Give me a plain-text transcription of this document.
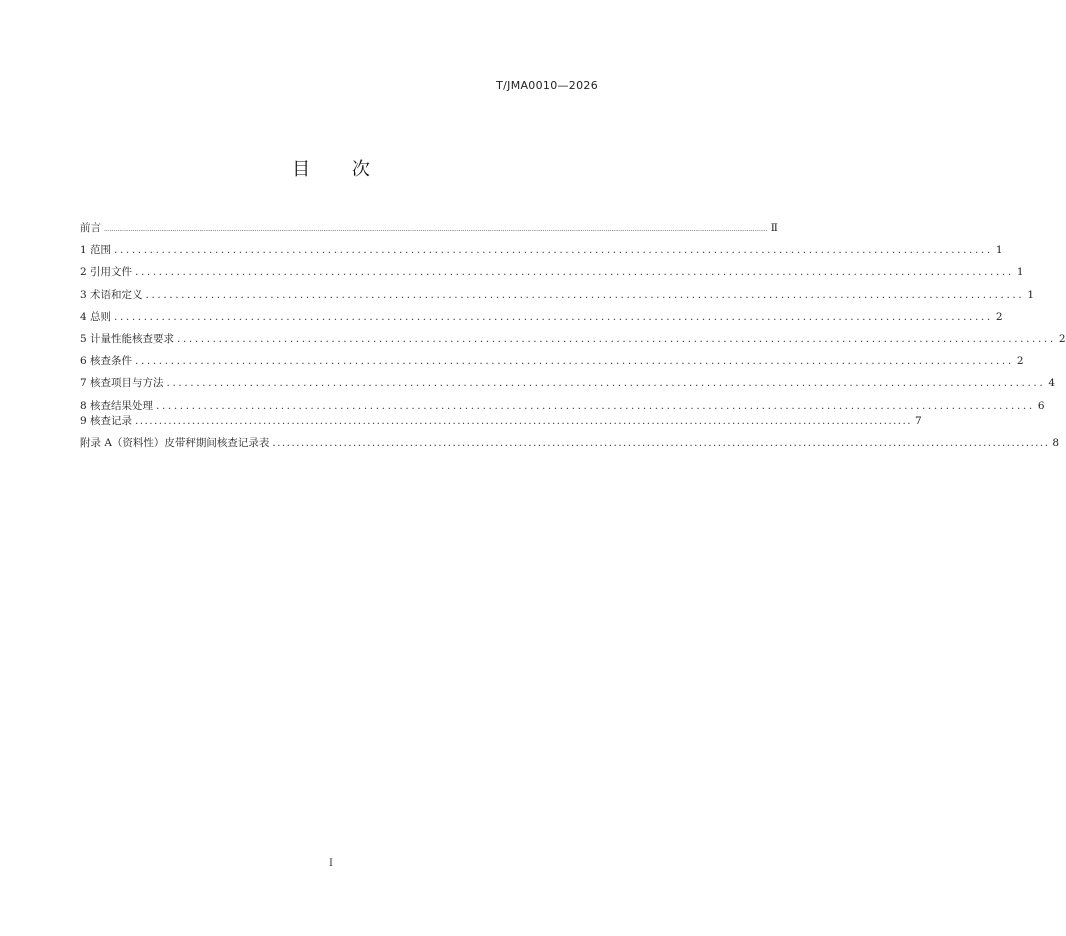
T/JMA0010—2026
目 次
前言 ............................................................................................................................................................................................................................................................................................................................................................ Ⅱ
1 范围 .................................................................................................................................................... 1
2 引用文件 .................................................................................................................................................... 1
3 术语和定义 .................................................................................................................................................... 1
4 总则 .................................................................................................................................................... 2
5 计量性能核查要求 .................................................................................................................................................... 2
6 核查条件 .................................................................................................................................................... 2
7 核查项目与方法 .................................................................................................................................................... 4
8 核查结果处理 .................................................................................................................................................... 6
9 核查记录 .................................................................................................................................................................... 7
附录 A（资料性）皮带秤期间核查记录表 .................................................................................................................................................................... 8
I
